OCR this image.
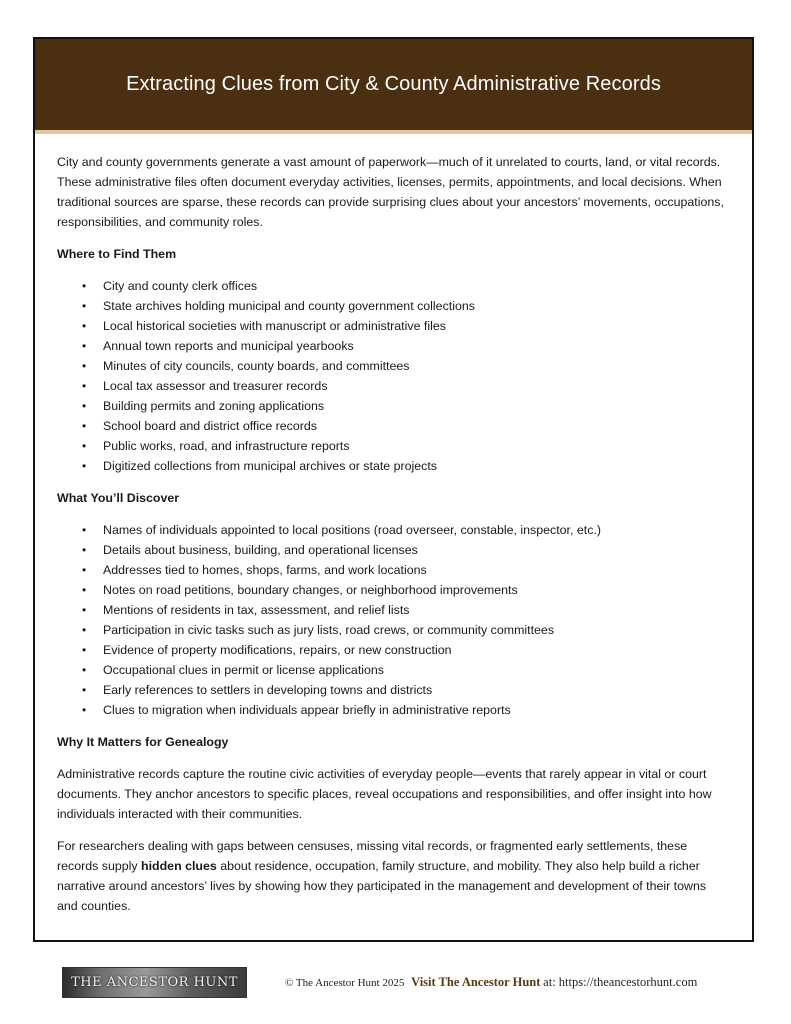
Extracting Clues from City & County Administrative Records

City and county governments generate a vast amount of paperwork—much of it unrelated to courts, land, or vital records. These administrative files often document everyday activities, licenses, permits, appointments, and local decisions. When traditional sources are sparse, these records can provide surprising clues about your ancestors’ movements, occupations, responsibilities, and community roles.

Where to Find Them
• City and county clerk offices
• State archives holding municipal and county government collections
• Local historical societies with manuscript or administrative files
• Annual town reports and municipal yearbooks
• Minutes of city councils, county boards, and committees
• Local tax assessor and treasurer records
• Building permits and zoning applications
• School board and district office records
• Public works, road, and infrastructure reports
• Digitized collections from municipal archives or state projects
What You’ll Discover
• Names of individuals appointed to local positions (road overseer, constable, inspector, etc.)
• Details about business, building, and operational licenses
• Addresses tied to homes, shops, farms, and work locations
• Notes on road petitions, boundary changes, or neighborhood improvements
• Mentions of residents in tax, assessment, and relief lists
• Participation in civic tasks such as jury lists, road crews, or community committees
• Evidence of property modifications, repairs, or new construction
• Occupational clues in permit or license applications
• Early references to settlers in developing towns and districts
• Clues to migration when individuals appear briefly in administrative reports
Why It Matters for Genealogy

Administrative records capture the routine civic activities of everyday people—events that rarely appear in vital or court documents. They anchor ancestors to specific places, reveal occupations and responsibilities, and offer insight into how individuals interacted with their communities.

For researchers dealing with gaps between censuses, missing vital records, or fragmented early settlements, these records supply hidden clues about residence, occupation, family structure, and mobility. They also help build a richer narrative around ancestors’ lives by showing how they participated in the management and development of their towns and counties.

THE ANCESTOR HUNT	© The Ancestor Hunt 2025 Visit The Ancestor Hunt at: https://theancestorhunt.com
